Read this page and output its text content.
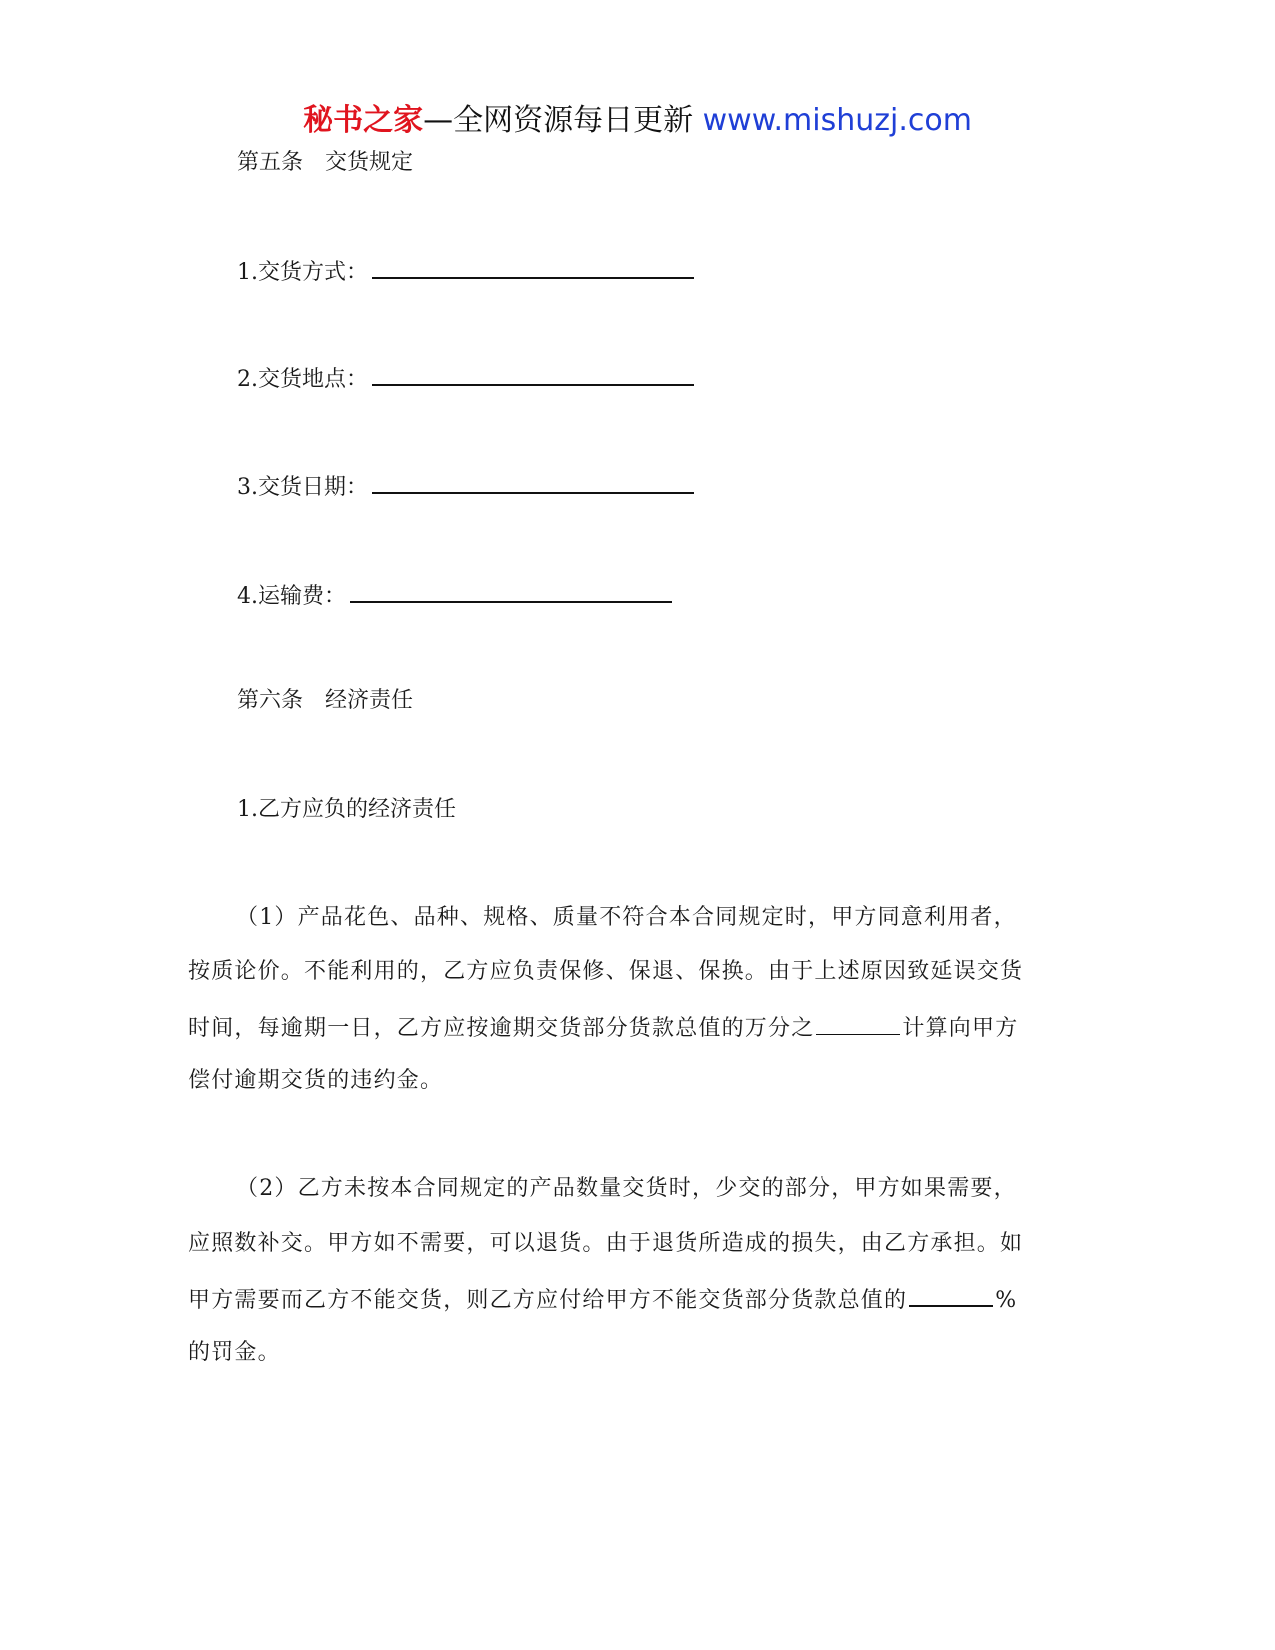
秘书之家—全网资源每日更新 www.mishuzj.com
第五条　交货规定
1.交货方式：
2.交货地点：
3.交货日期：
4.运输费：
第六条　经济责任
1.乙方应负的经济责任
（1）产品花色、品种、规格、质量不符合本合同规定时，甲方同意利用者，
按质论价。不能利用的，乙方应负责保修、保退、保换。由于上述原因致延误交货
时间，每逾期一日，乙方应按逾期交货部分货款总值的万分之	计算向甲方
偿付逾期交货的违约金。
（2）乙方未按本合同规定的产品数量交货时，少交的部分，甲方如果需要，
应照数补交。甲方如不需要，可以退货。由于退货所造成的损失，由乙方承担。如
甲方需要而乙方不能交货，则乙方应付给甲方不能交货部分货款总值的	%
的罚金。
